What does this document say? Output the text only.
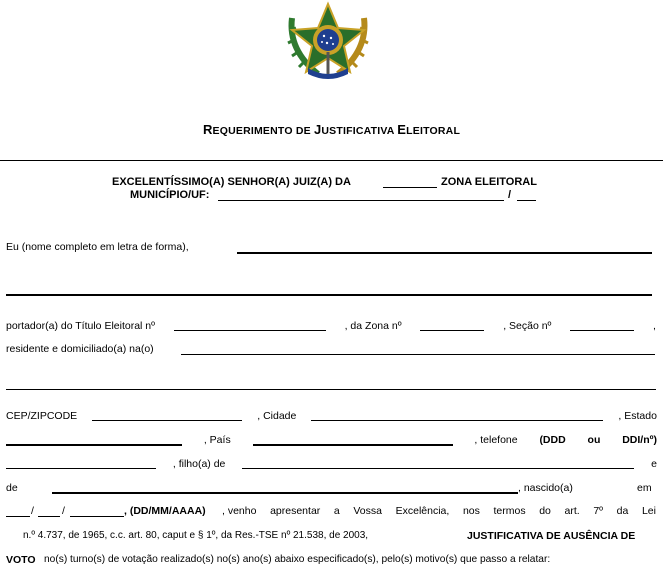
REQUERIMENTO DE JUSTIFICATIVA ELEITORAL
EXCELENTÍSSIMO(A) SENHOR(A) JUIZ(A) DA	ZONA ELEITORAL
MUNICÍPIO/UF:	/
Eu (nome completo em letra de forma),
portador(a) do Título Eleitoral nº	, da Zona nº	, Seção nº	,
residente e domiciliado(a) na(o)
CEP/ZIPCODE	, Cidade	, Estado
, País	, telefone (DDD ou DDI/nº)
, filho(a) de	e
de	, nascido(a)	em
/	/	, (DD/MM/AAAA) , venho apresentar a Vossa Excelência, nos termos do art. 7º da Lei
n.º 4.737, de 1965, c.c. art. 80, caput e § 1º, da Res.-TSE nº 21.538, de 2003,	JUSTIFICATIVA DE AUSÊNCIA DE
VOTO no(s) turno(s) de votação realizado(s) no(s) ano(s) abaixo especificado(s), pelo(s) motivo(s) que passo a relatar:
